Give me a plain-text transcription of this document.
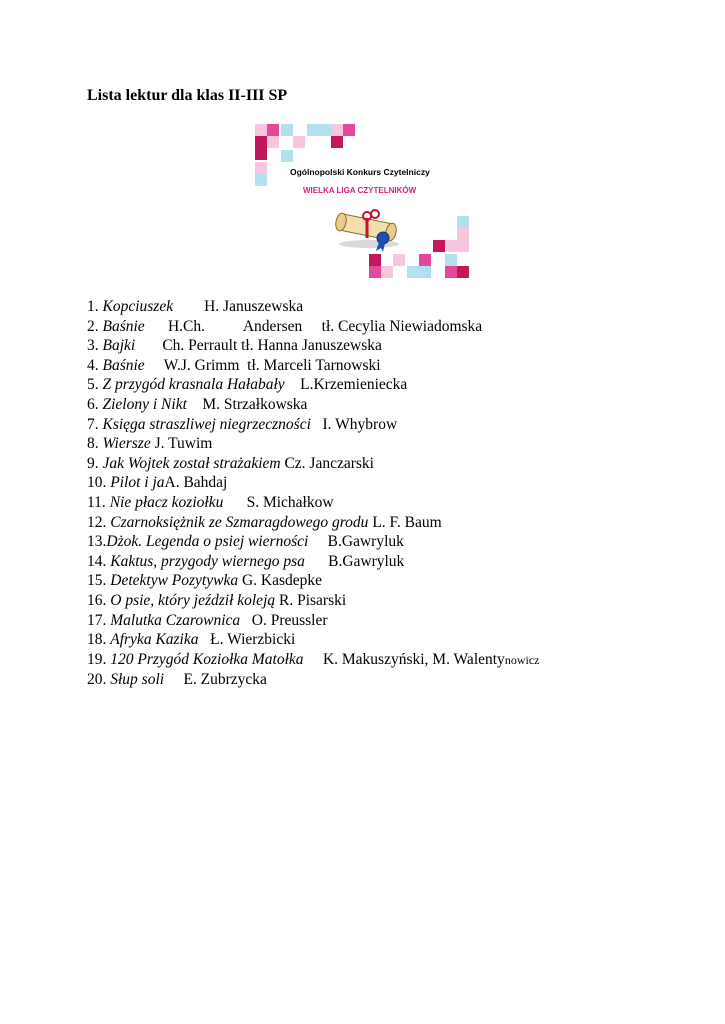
Lista lektur dla klas II-III SP
Ogólnopolski Konkurs Czytelniczy
WIELKA LIGA CZYTELNIKÓW
1. Kopciuszek        H. Januszewska
2. Baśnie      H.Ch.          Andersen     tł. Cecylia Niewiadomska
3. Bajki       Ch. Perrault tł. Hanna Januszewska
4. Baśnie     W.J. Grimm  tł. Marceli Tarnowski
5. Z przygód krasnala Hałabały    L.Krzemieniecka
6. Zielony i Nikt    M. Strzałkowska
7. Księga straszliwej niegrzeczności   I. Whybrow
8. Wiersze J. Tuwim
9. Jak Wojtek został strażakiem Cz. Janczarski
10. Pilot i jaA. Bahdaj
11. Nie płacz koziołku      S. Michałkow
12. Czarnoksiężnik ze Szmaragdowego grodu L. F. Baum
13.Dżok. Legenda o psiej wierności     B.Gawryluk
14. Kaktus, przygody wiernego psa      B.Gawryluk
15. Detektyw Pozytywka G. Kasdepke
16. O psie, który jeździł koleją R. Pisarski
17. Malutka Czarownica   O. Preussler
18. Afryka Kazika   Ł. Wierzbicki
19. 120 Przygód Koziołka Matołka     K. Makuszyński, M. Walentynowicz
20. Słup soli     E. Zubrzycka
